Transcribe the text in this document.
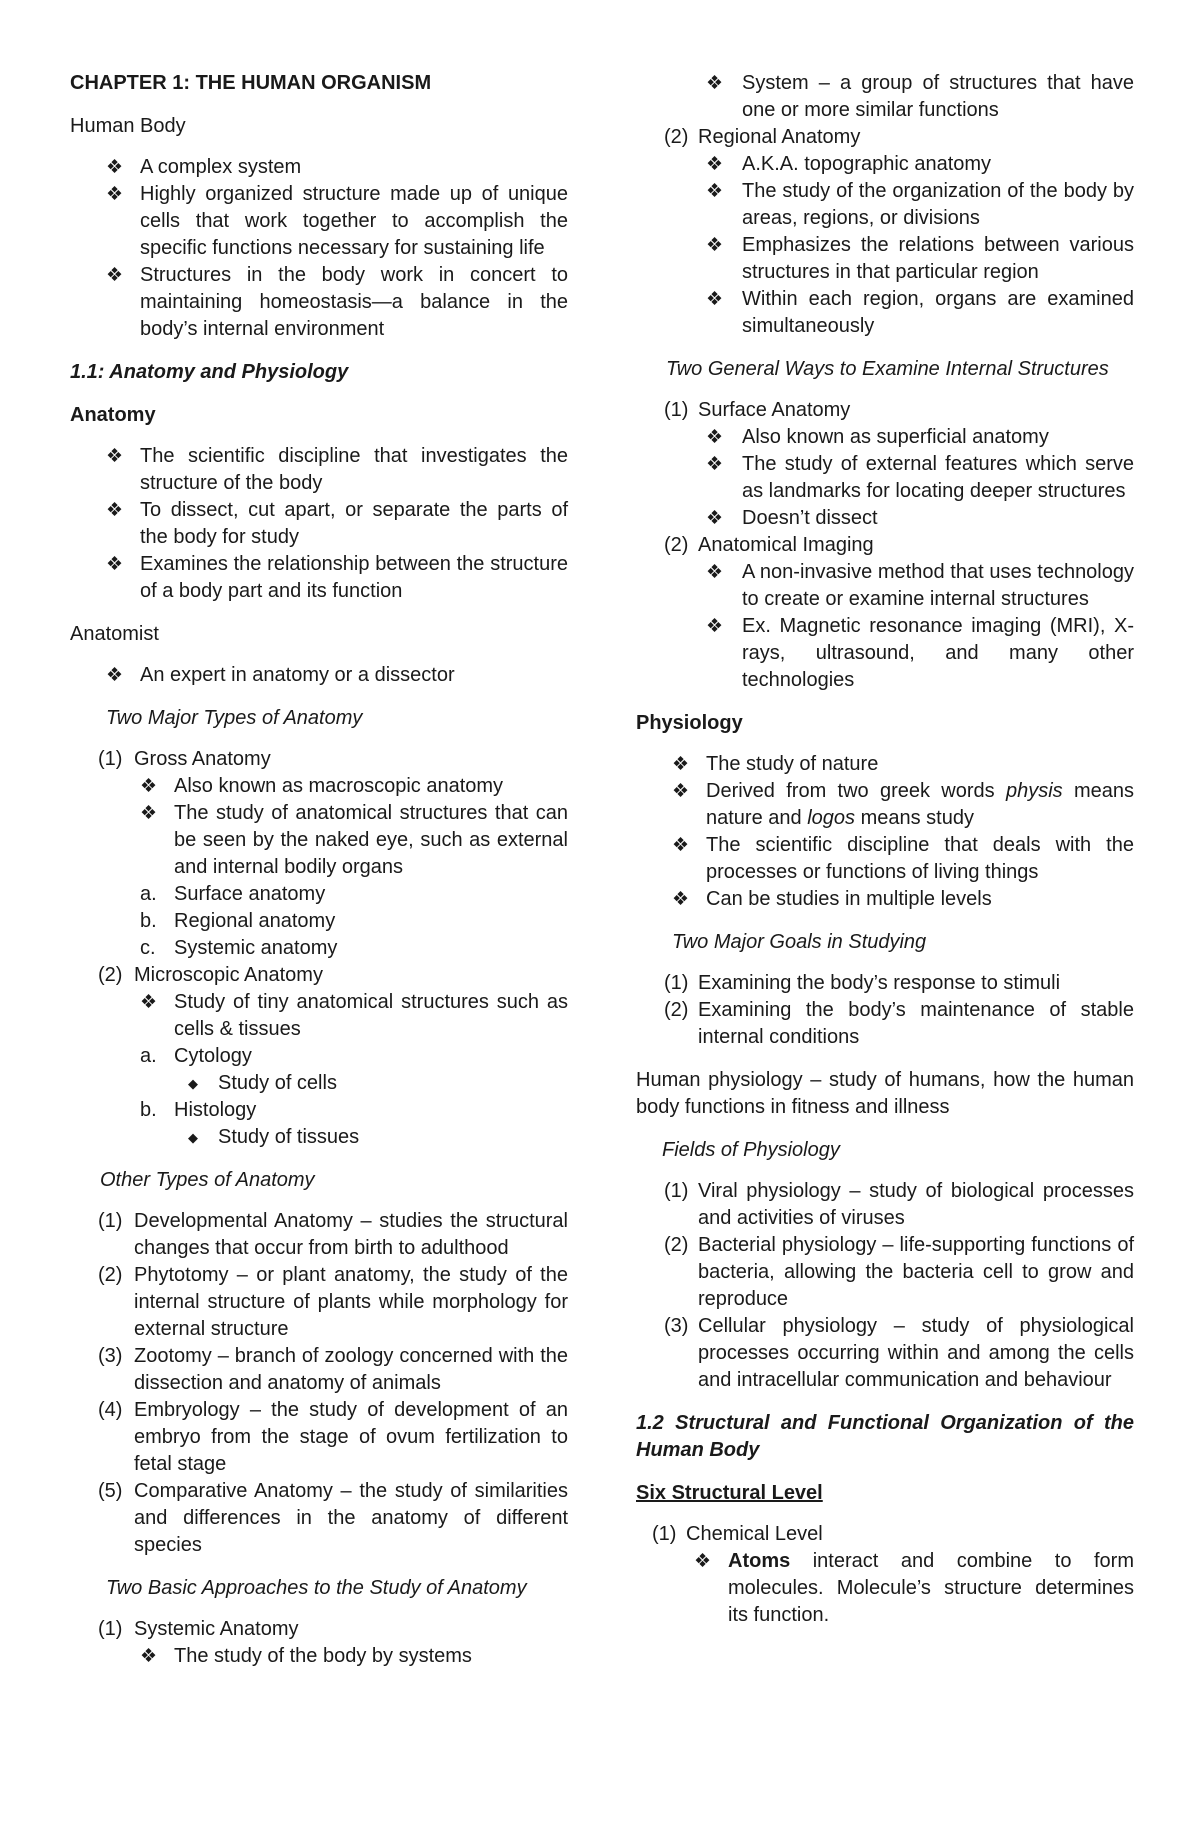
CHAPTER 1: THE HUMAN ORGANISM

Human Body

❖ A complex system
❖ Highly organized structure made up of unique cells that work together to accomplish the specific functions necessary for sustaining life
❖ Structures in the body work in concert to maintaining homeostasis—a balance in the body’s internal environment

1.1: Anatomy and Physiology

Anatomy

❖ The scientific discipline that investigates the structure of the body
❖ To dissect, cut apart, or separate the parts of the body for study
❖ Examines the relationship between the structure of a body part and its function

Anatomist

❖ An expert in anatomy or a dissector

Two Major Types of Anatomy

(1) Gross Anatomy
❖ Also known as macroscopic anatomy
❖ The study of anatomical structures that can be seen by the naked eye, such as external and internal bodily organs
a. Surface anatomy
b. Regional anatomy
c. Systemic anatomy
(2) Microscopic Anatomy
❖ Study of tiny anatomical structures such as cells & tissues
a. Cytology
◆ Study of cells
b. Histology
◆ Study of tissues

Other Types of Anatomy

(1) Developmental Anatomy – studies the structural changes that occur from birth to adulthood
(2) Phytotomy – or plant anatomy, the study of the internal structure of plants while morphology for external structure
(3) Zootomy – branch of zoology concerned with the dissection and anatomy of animals
(4) Embryology – the study of development of an embryo from the stage of ovum fertilization to fetal stage
(5) Comparative Anatomy – the study of similarities and differences in the anatomy of different species

Two Basic Approaches to the Study of Anatomy

(1) Systemic Anatomy
❖ The study of the body by systems
❖ System – a group of structures that have one or more similar functions
(2) Regional Anatomy
❖ A.K.A. topographic anatomy
❖ The study of the organization of the body by areas, regions, or divisions
❖ Emphasizes the relations between various structures in that particular region
❖ Within each region, organs are examined simultaneously

Two General Ways to Examine Internal Structures

(1) Surface Anatomy
❖ Also known as superficial anatomy
❖ The study of external features which serve as landmarks for locating deeper structures
❖ Doesn’t dissect
(2) Anatomical Imaging
❖ A non-invasive method that uses technology to create or examine internal structures
❖ Ex. Magnetic resonance imaging (MRI), X-rays, ultrasound, and many other technologies

Physiology

❖ The study of nature
❖ Derived from two greek words physis means nature and logos means study
❖ The scientific discipline that deals with the processes or functions of living things
❖ Can be studies in multiple levels

Two Major Goals in Studying

(1) Examining the body’s response to stimuli
(2) Examining the body’s maintenance of stable internal conditions

Human physiology – study of humans, how the human body functions in fitness and illness

Fields of Physiology

(1) Viral physiology – study of biological processes and activities of viruses
(2) Bacterial physiology – life-supporting functions of bacteria, allowing the bacteria cell to grow and reproduce
(3) Cellular physiology – study of physiological processes occurring within and among the cells and intracellular communication and behaviour

1.2 Structural and Functional Organization of the Human Body

Six Structural Level

(1) Chemical Level
❖ Atoms interact and combine to form molecules. Molecule’s structure determines its function.
